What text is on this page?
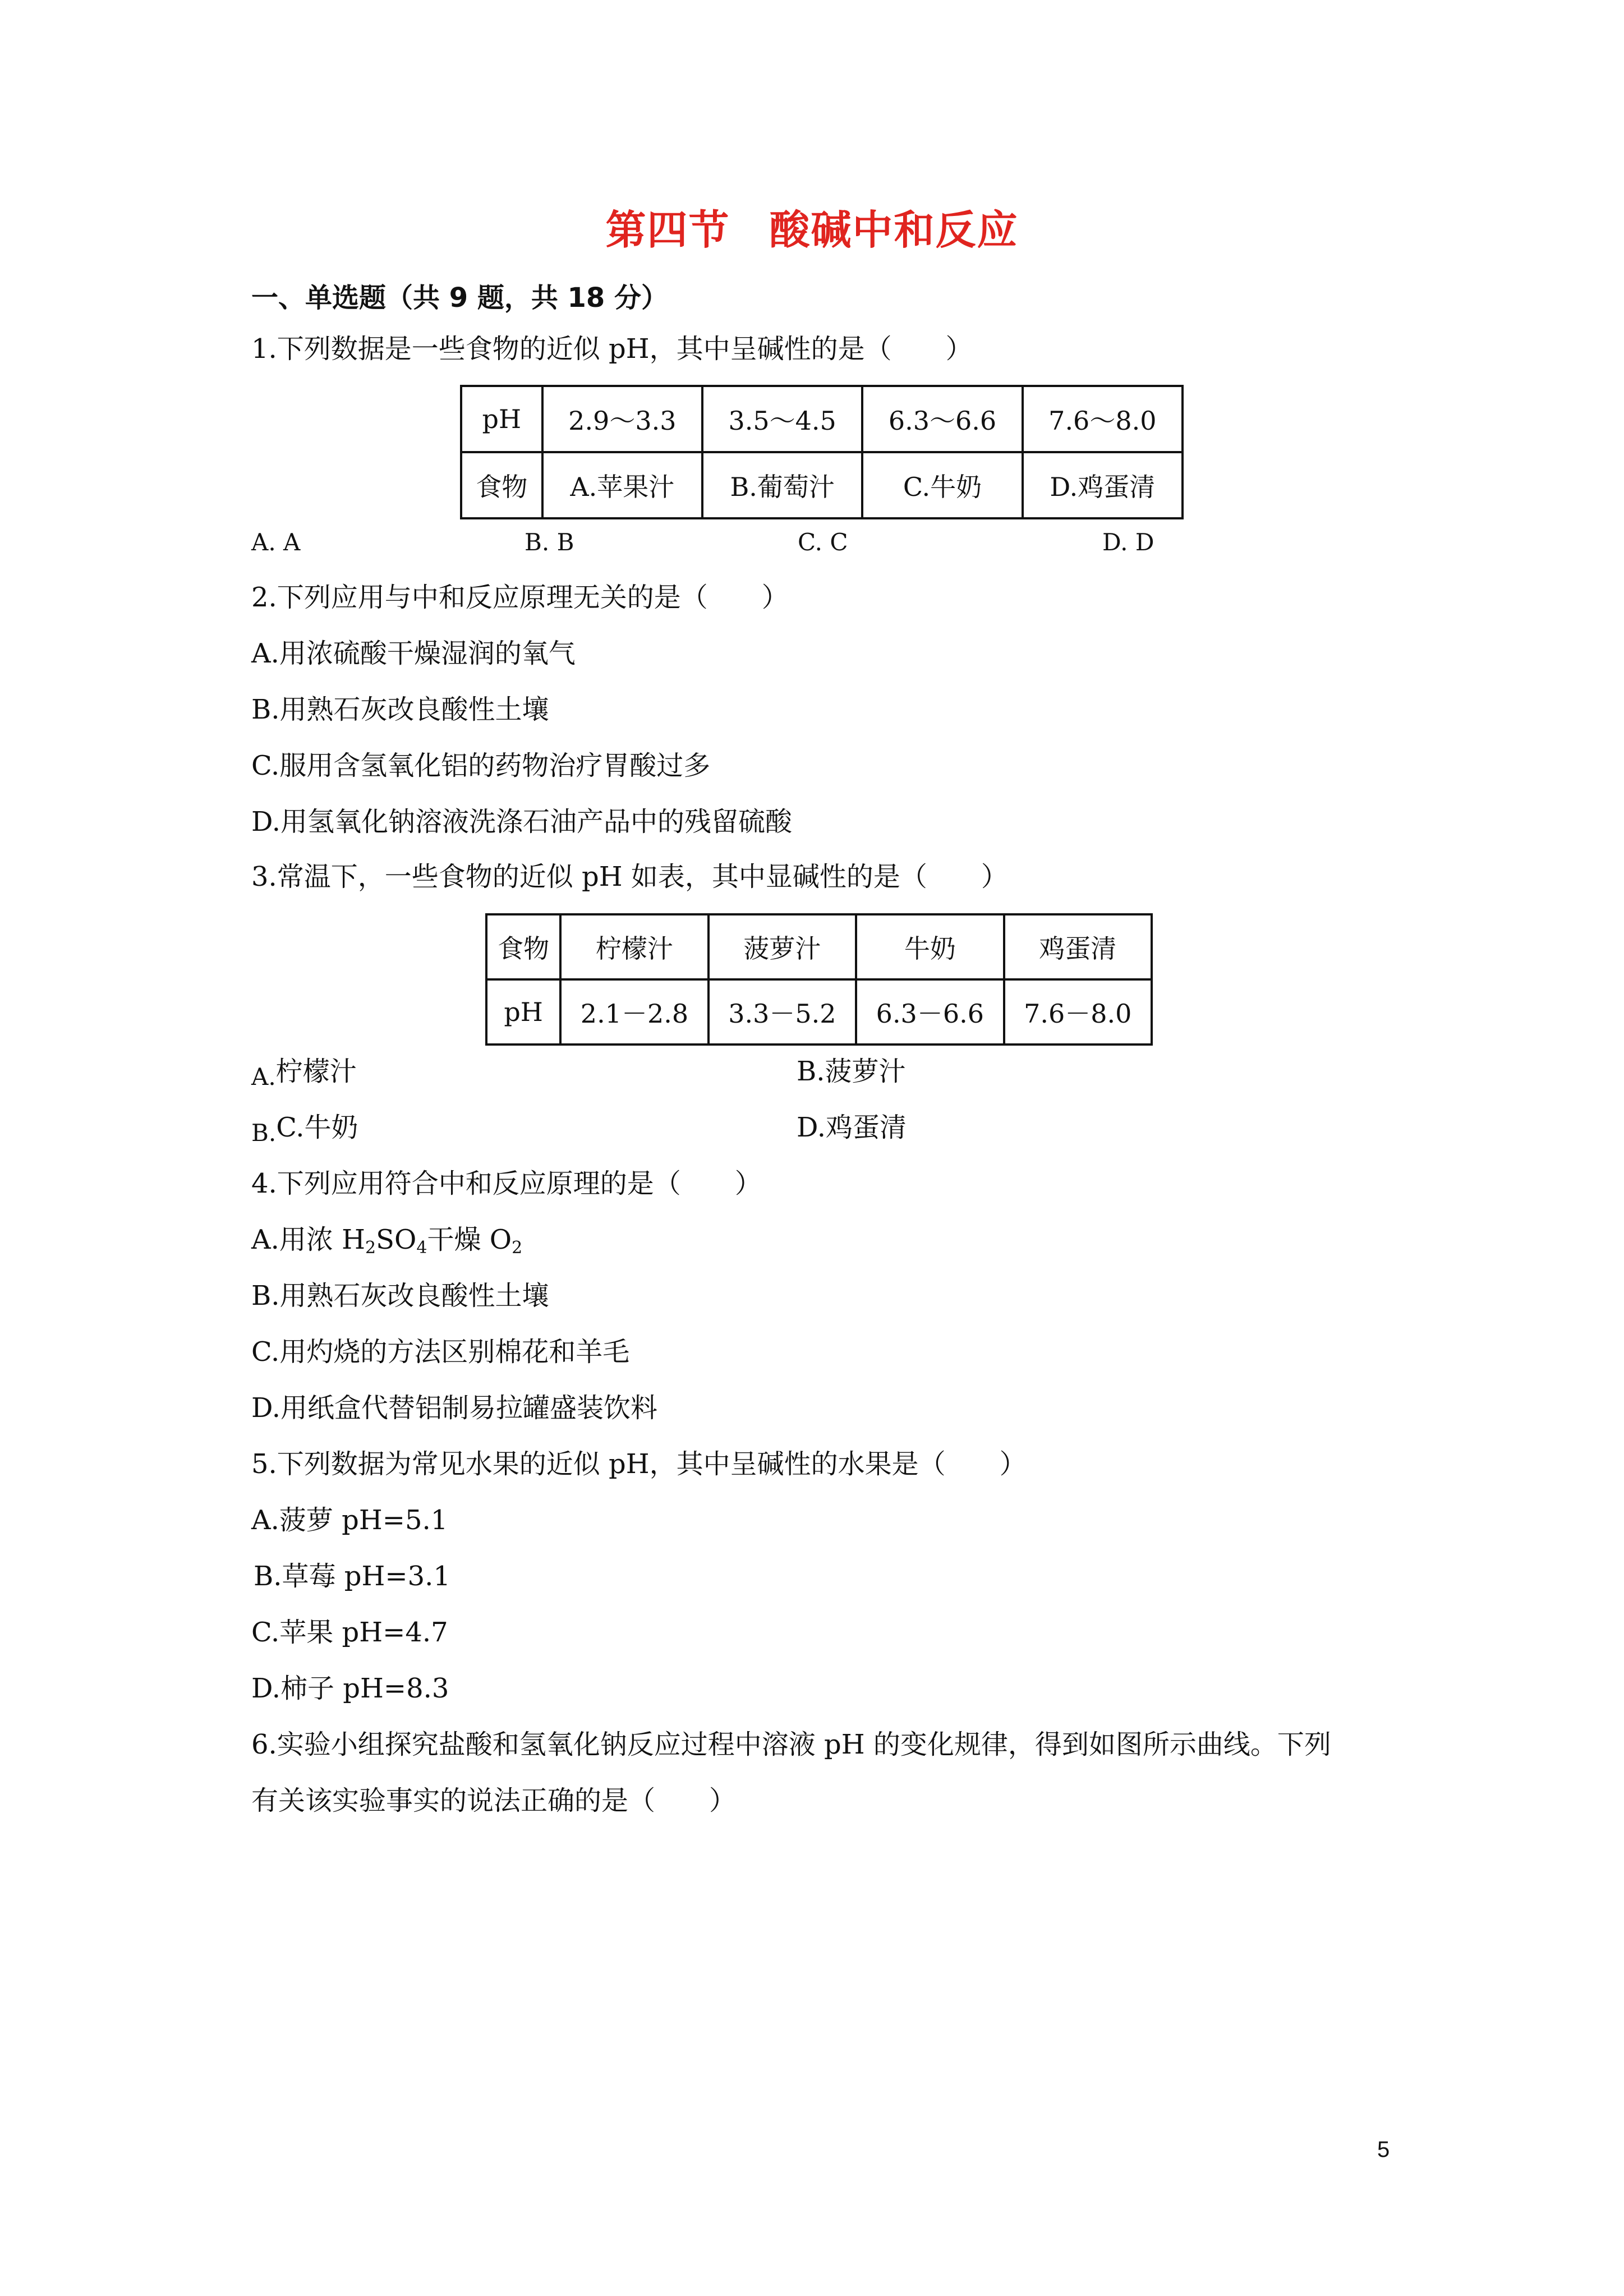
第四节 酸碱中和反应
一、单选题（共 9 题，共 18 分）
1.下列数据是一些食物的近似 pH，其中呈碱性的是（　　）
pH	2.9～3.3	3.5～4.5	6.3～6.6	7.6～8.0
食物	A.苹果汁	B.葡萄汁	C.牛奶	D.鸡蛋清
A. A	B. B	C. C	D. D
2.下列应用与中和反应原理无关的是（　　）
A.用浓硫酸干燥湿润的氧气
B.用熟石灰改良酸性土壤
C.服用含氢氧化铝的药物治疗胃酸过多
D.用氢氧化钠溶液洗涤石油产品中的残留硫酸
3.常温下，一些食物的近似 pH 如表，其中显碱性的是（　　）
食物	柠檬汁	菠萝汁	牛奶	鸡蛋清
pH	2.1－2.8	3.3－5.2	6.3－6.6	7.6－8.0
A.柠檬汁	B.菠萝汁
B.C.牛奶	D.鸡蛋清
4.下列应用符合中和反应原理的是（　　）
A.用浓 $H_2SO_4$干燥 $O_2$
B.用熟石灰改良酸性土壤
C.用灼烧的方法区别棉花和羊毛
D.用纸盒代替铝制易拉罐盛装饮料
5.下列数据为常见水果的近似 pH，其中呈碱性的水果是（　　）
A.菠萝 pH=5.1
B.草莓 pH=3.1
C.苹果 pH=4.7
D.柿子 pH=8.3
6.实验小组探究盐酸和氢氧化钠反应过程中溶液 pH 的变化规律，得到如图所示曲线。下列
有关该实验事实的说法正确的是（　　）
5
